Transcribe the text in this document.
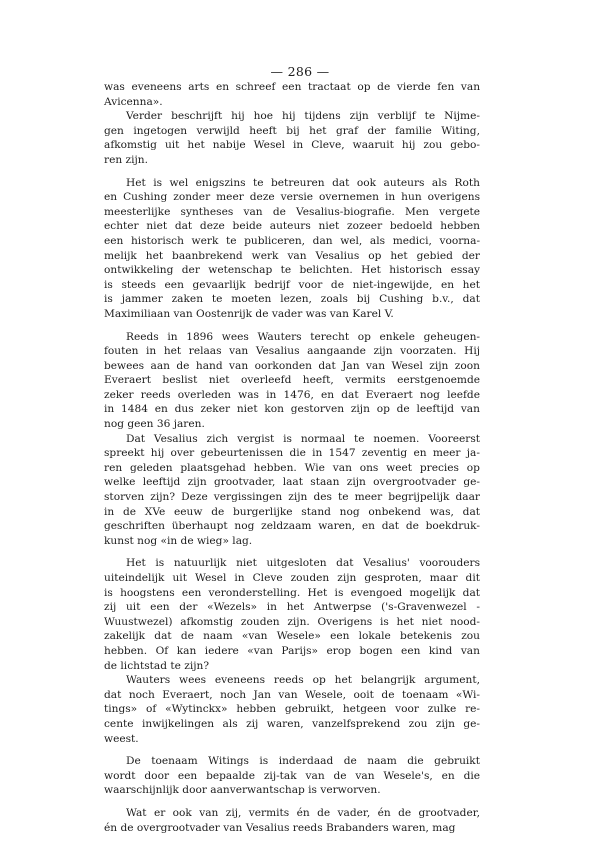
— 286 —
was eveneens arts en schreef een tractaat op de vierde fen van
Avicenna».
Verder beschrijft hij hoe hij tijdens zijn verblijf te Nijme-
gen ingetogen verwijld heeft bij het graf der familie Witing,
afkomstig uit het nabije Wesel in Cleve, waaruit hij zou gebo-
ren zijn.
Het is wel enigszins te betreuren dat ook auteurs als Roth
en Cushing zonder meer deze versie overnemen in hun overigens
meesterlijke syntheses van de Vesalius-biografie. Men vergete
echter niet dat deze beide auteurs niet zozeer bedoeld hebben
een historisch werk te publiceren, dan wel, als medici, voorna-
melijk het baanbrekend werk van Vesalius op het gebied der
ontwikkeling der wetenschap te belichten. Het historisch essay
is steeds een gevaarlijk bedrijf voor de niet-ingewijde, en het
is jammer zaken te moeten lezen, zoals bij Cushing b.v., dat
Maximiliaan van Oostenrijk de vader was van Karel V.
Reeds in 1896 wees Wauters terecht op enkele geheugen-
fouten in het relaas van Vesalius aangaande zijn voorzaten. Hij
bewees aan de hand van oorkonden dat Jan van Wesel zijn zoon
Everaert beslist niet overleefd heeft, vermits eerstgenoemde
zeker reeds overleden was in 1476, en dat Everaert nog leefde
in 1484 en dus zeker niet kon gestorven zijn op de leeftijd van
nog geen 36 jaren.
Dat Vesalius zich vergist is normaal te noemen. Vooreerst
spreekt hij over gebeurtenissen die in 1547 zeventig en meer ja-
ren geleden plaatsgehad hebben. Wie van ons weet precies op
welke leeftijd zijn grootvader, laat staan zijn overgrootvader ge-
storven zijn? Deze vergissingen zijn des te meer begrijpelijk daar
in de XVe eeuw de burgerlijke stand nog onbekend was, dat
geschriften überhaupt nog zeldzaam waren, en dat de boekdruk-
kunst nog «in de wieg» lag.
Het is natuurlijk niet uitgesloten dat Vesalius' voorouders
uiteindelijk uit Wesel in Cleve zouden zijn gesproten, maar dit
is hoogstens een veronderstelling. Het is evengoed mogelijk dat
zij uit een der «Wezels» in het Antwerpse ('s-Gravenwezel -
Wuustwezel) afkomstig zouden zijn. Overigens is het niet nood-
zakelijk dat de naam «van Wesele» een lokale betekenis zou
hebben. Of kan iedere «van Parijs» erop bogen een kind van
de lichtstad te zijn?
Wauters wees eveneens reeds op het belangrijk argument,
dat noch Everaert, noch Jan van Wesele, ooit de toenaam «Wi-
tings» of «Wytinckx» hebben gebruikt, hetgeen voor zulke re-
cente inwijkelingen als zij waren, vanzelfsprekend zou zijn ge-
weest.
De toenaam Witings is inderdaad de naam die gebruikt
wordt door een bepaalde zij-tak van de van Wesele's, en die
waarschijnlijk door aanverwantschap is verworven.
Wat er ook van zij, vermits én de vader, én de grootvader,
én de overgrootvader van Vesalius reeds Brabanders waren, mag
